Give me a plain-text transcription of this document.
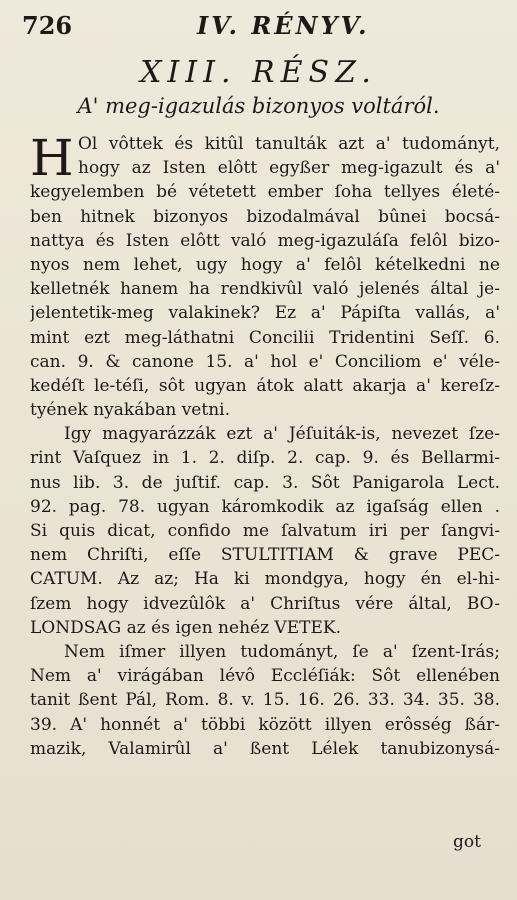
726	IV. RÉNYV.
XIII. RÉSZ.
A' meg-igazulás bizonyos voltáról.
H Ol vôttek és kitûl tanulták azt a' tudományt,
hogy az Isten elôtt egyßer meg-igazult és a'
kegyelemben bé vétetett ember ſoha tellyes életé-
ben hitnek bizonyos bizodalmával bûnei bocsá-
nattya és Isten elôtt való meg-igazuláſa felôl bizo-
nyos nem lehet, ugy hogy a' felôl kételkedni ne
kelletnék hanem ha rendkivûl való jelenés által je-
jelentetik-meg valakinek? Ez a' Pápiſta vallás, a'
mint ezt meg-láthatni Concilii Tridentini Seſſ. 6.
can. 9. & canone 15. a' hol e' Conciliom e' véle-
kedéſt le-téſi, sôt ugyan átok alatt akarja a' kereſz-
tyének nyakában vetni.
Igy magyarázzák ezt a' Jéſuiták-is, nevezet ſze-
rint Vaſquez in 1. 2. diſp. 2. cap. 9. és Bellarmi-
nus lib. 3. de juſtif. cap. 3. Sôt Panigarola Lect.
92. pag. 78. ugyan káromkodik az igaſság ellen .
Si quis dicat, confido me ſalvatum iri per ſangvi-
nem Chriſti, eſſe STULTITIAM & grave PEC-
CATUM. Az az; Ha ki mondgya, hogy én el-hi-
ſzem hogy idvezûlôk a' Chriſtus vére által, BO-
LONDSAG az és igen nehéz VETEK.
Nem iſmer illyen tudományt, ſe a' ſzent-Irás;
Nem a' virágában lévô Eccléſiák: Sôt ellenében
tanit ßent Pál, Rom. 8. v. 15. 16. 26. 33. 34. 35. 38.
39. A' honnét a' többi között illyen erôsség ßár-
mazik, Valamirûl a' ßent Lélek tanubizonysá-
got
